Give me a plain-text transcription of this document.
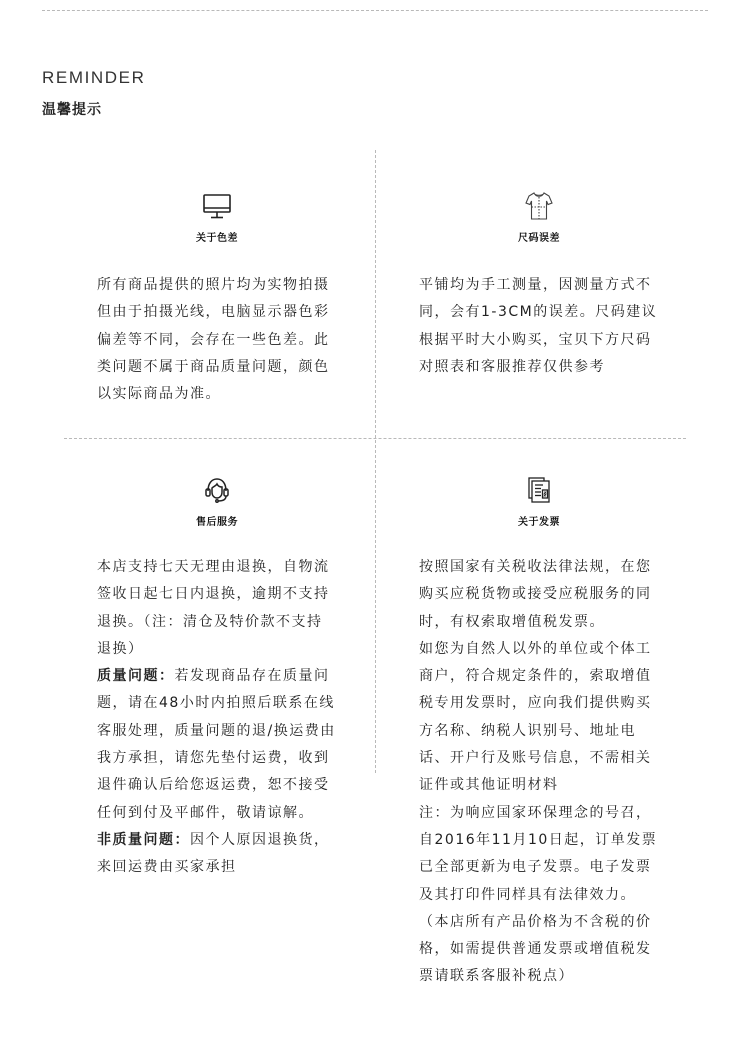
REMINDER
温馨提示
关于色差

所有商品提供的照片均为实物拍摄但由于拍摄光线，电脑显示器色彩偏差等不同，会存在一些色差。此类问题不属于商品质量问题，颜色以实际商品为准。

尺码误差

平铺均为手工测量，因测量方式不同，会有1-3CM的误差。尺码建议根据平时大小购买，宝贝下方尺码对照表和客服推荐仅供参考

售后服务

本店支持七天无理由退换，自物流签收日起七日内退换，逾期不支持退换。（注：清仓及特价款不支持退换）

质量问题：若发现商品存在质量问题，请在48小时内拍照后联系在线客服处理，质量问题的退/换运费由我方承担，请您先垫付运费，收到退件确认后给您返运费，恕不接受任何到付及平邮件，敬请谅解。

非质量问题：因个人原因退换货，来回运费由买家承担

关于发票

按照国家有关税收法律法规，在您购买应税货物或接受应税服务的同时，有权索取增值税发票。

如您为自然人以外的单位或个体工商户，符合规定条件的，索取增值税专用发票时，应向我们提供购买方名称、纳税人识别号、地址电话、开户行及账号信息，不需相关证件或其他证明材料

注：为响应国家环保理念的号召，自2016年11月10日起，订单发票已全部更新为电子发票。电子发票及其打印件同样具有法律效力。（本店所有产品价格为不含税的价格，如需提供普通发票或增值税发票请联系客服补税点）
